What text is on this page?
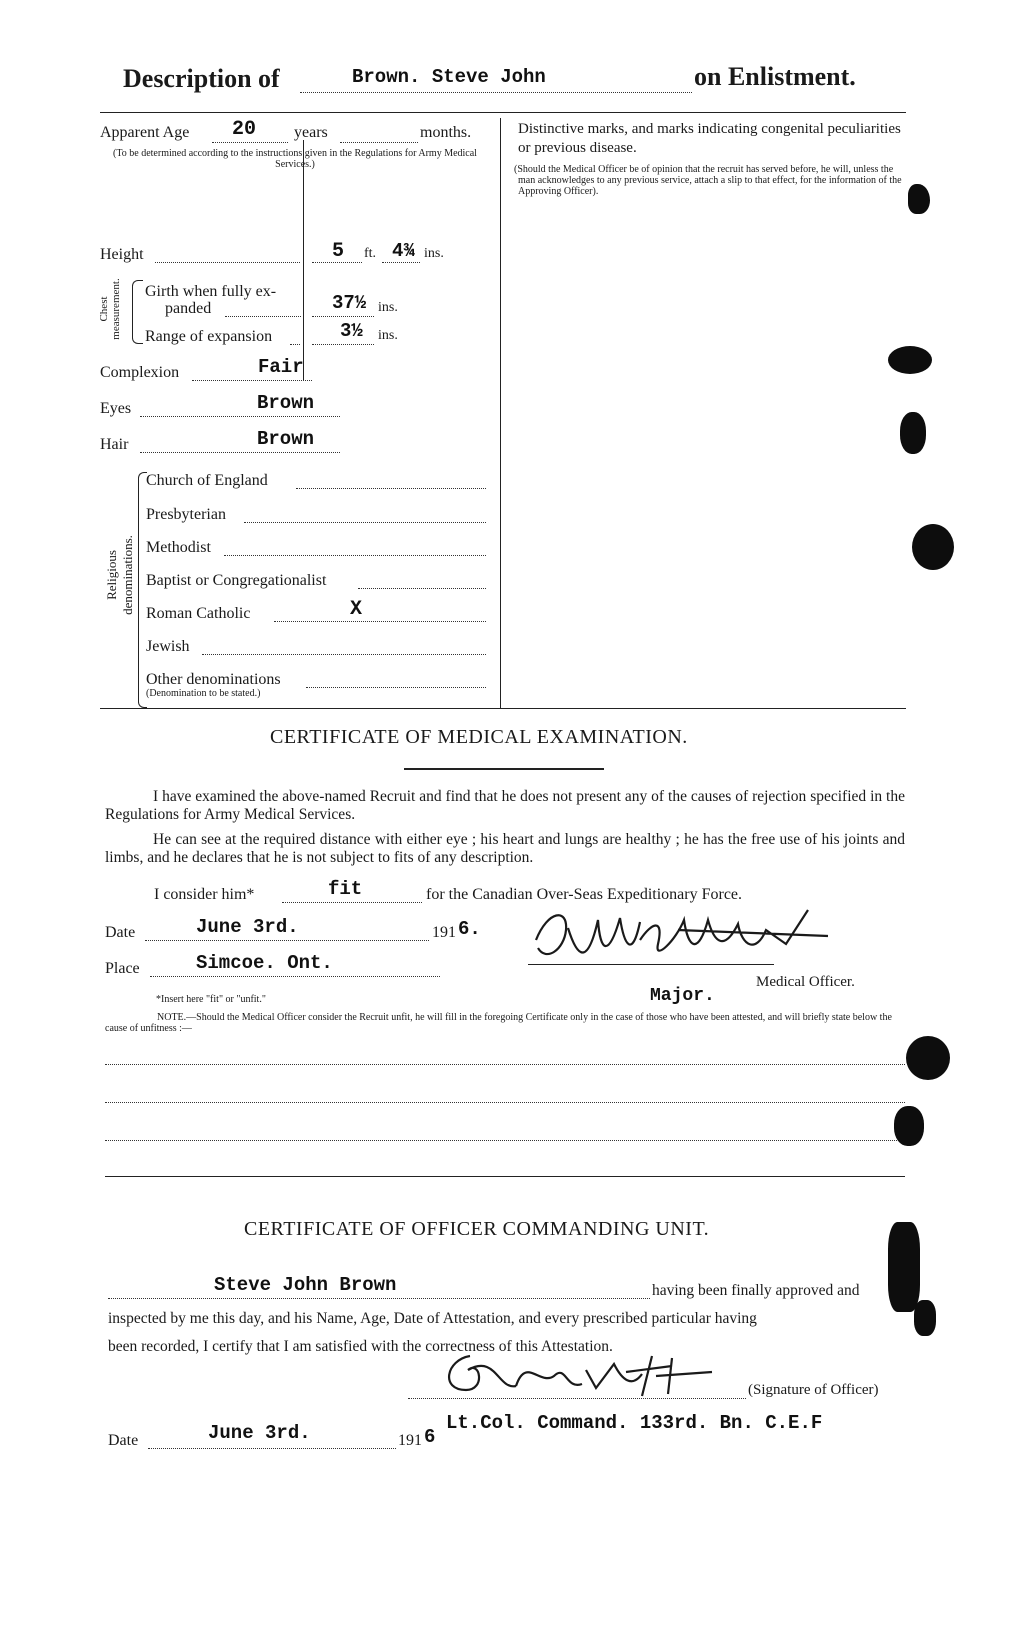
Description of	Brown. Steve John	on Enlistment.
Apparent Age 20 years	months.
(To be determined according to the instructions given in the Regulations for Army Medical Services.)
Distinctive marks, and marks indicating congenital peculiarities or previous disease.
(Should the Medical Officer be of opinion that the recruit has served before, he will, unless the man acknowledges to any previous service, attach a slip to that effect, for the information of the Approving Officer).
Height	5 ft. 4¾ ins.
Chest measurement. Girth when fully ex-
panded	37½ ins.
Range of expansion	3½ ins.
Complexion	Fair
Eyes	Brown
Hair	Brown
Religious denominations.
Church of England
Presbyterian
Methodist
Baptist or Congregationalist
Roman Catholic	X
Jewish
Other denominations
(Denomination to be stated.)
CERTIFICATE OF MEDICAL EXAMINATION.
I have examined the above-named Recruit and find that he does not present any of the causes of rejection specified in the Regulations for Army Medical Services.
He can see at the required distance with either eye ; his heart and lungs are healthy ; he has the free use of his joints and limbs, and he declares that he is not subject to fits of any description.
I consider him*	fit	for the Canadian Over-Seas Expeditionary Force.
Date	June 3rd.	191 6.
Place	Simcoe. Ont.
Major.
Medical Officer.
*Insert here "fit" or "unfit."
NOTE.—Should the Medical Officer consider the Recruit unfit, he will fill in the foregoing Certificate only in the case of those who have been attested, and will briefly state below the cause of unfitness :—
CERTIFICATE OF OFFICER COMMANDING UNIT.
Steve John Brown	having been finally approved and
inspected by me this day, and his Name, Age, Date of Attestation, and every prescribed particular having
been recorded, I certify that I am satisfied with the correctness of this Attestation.
(Signature of Officer)
Date	June 3rd.	191 6
Lt.Col. Command. 133rd. Bn. C.E.F
